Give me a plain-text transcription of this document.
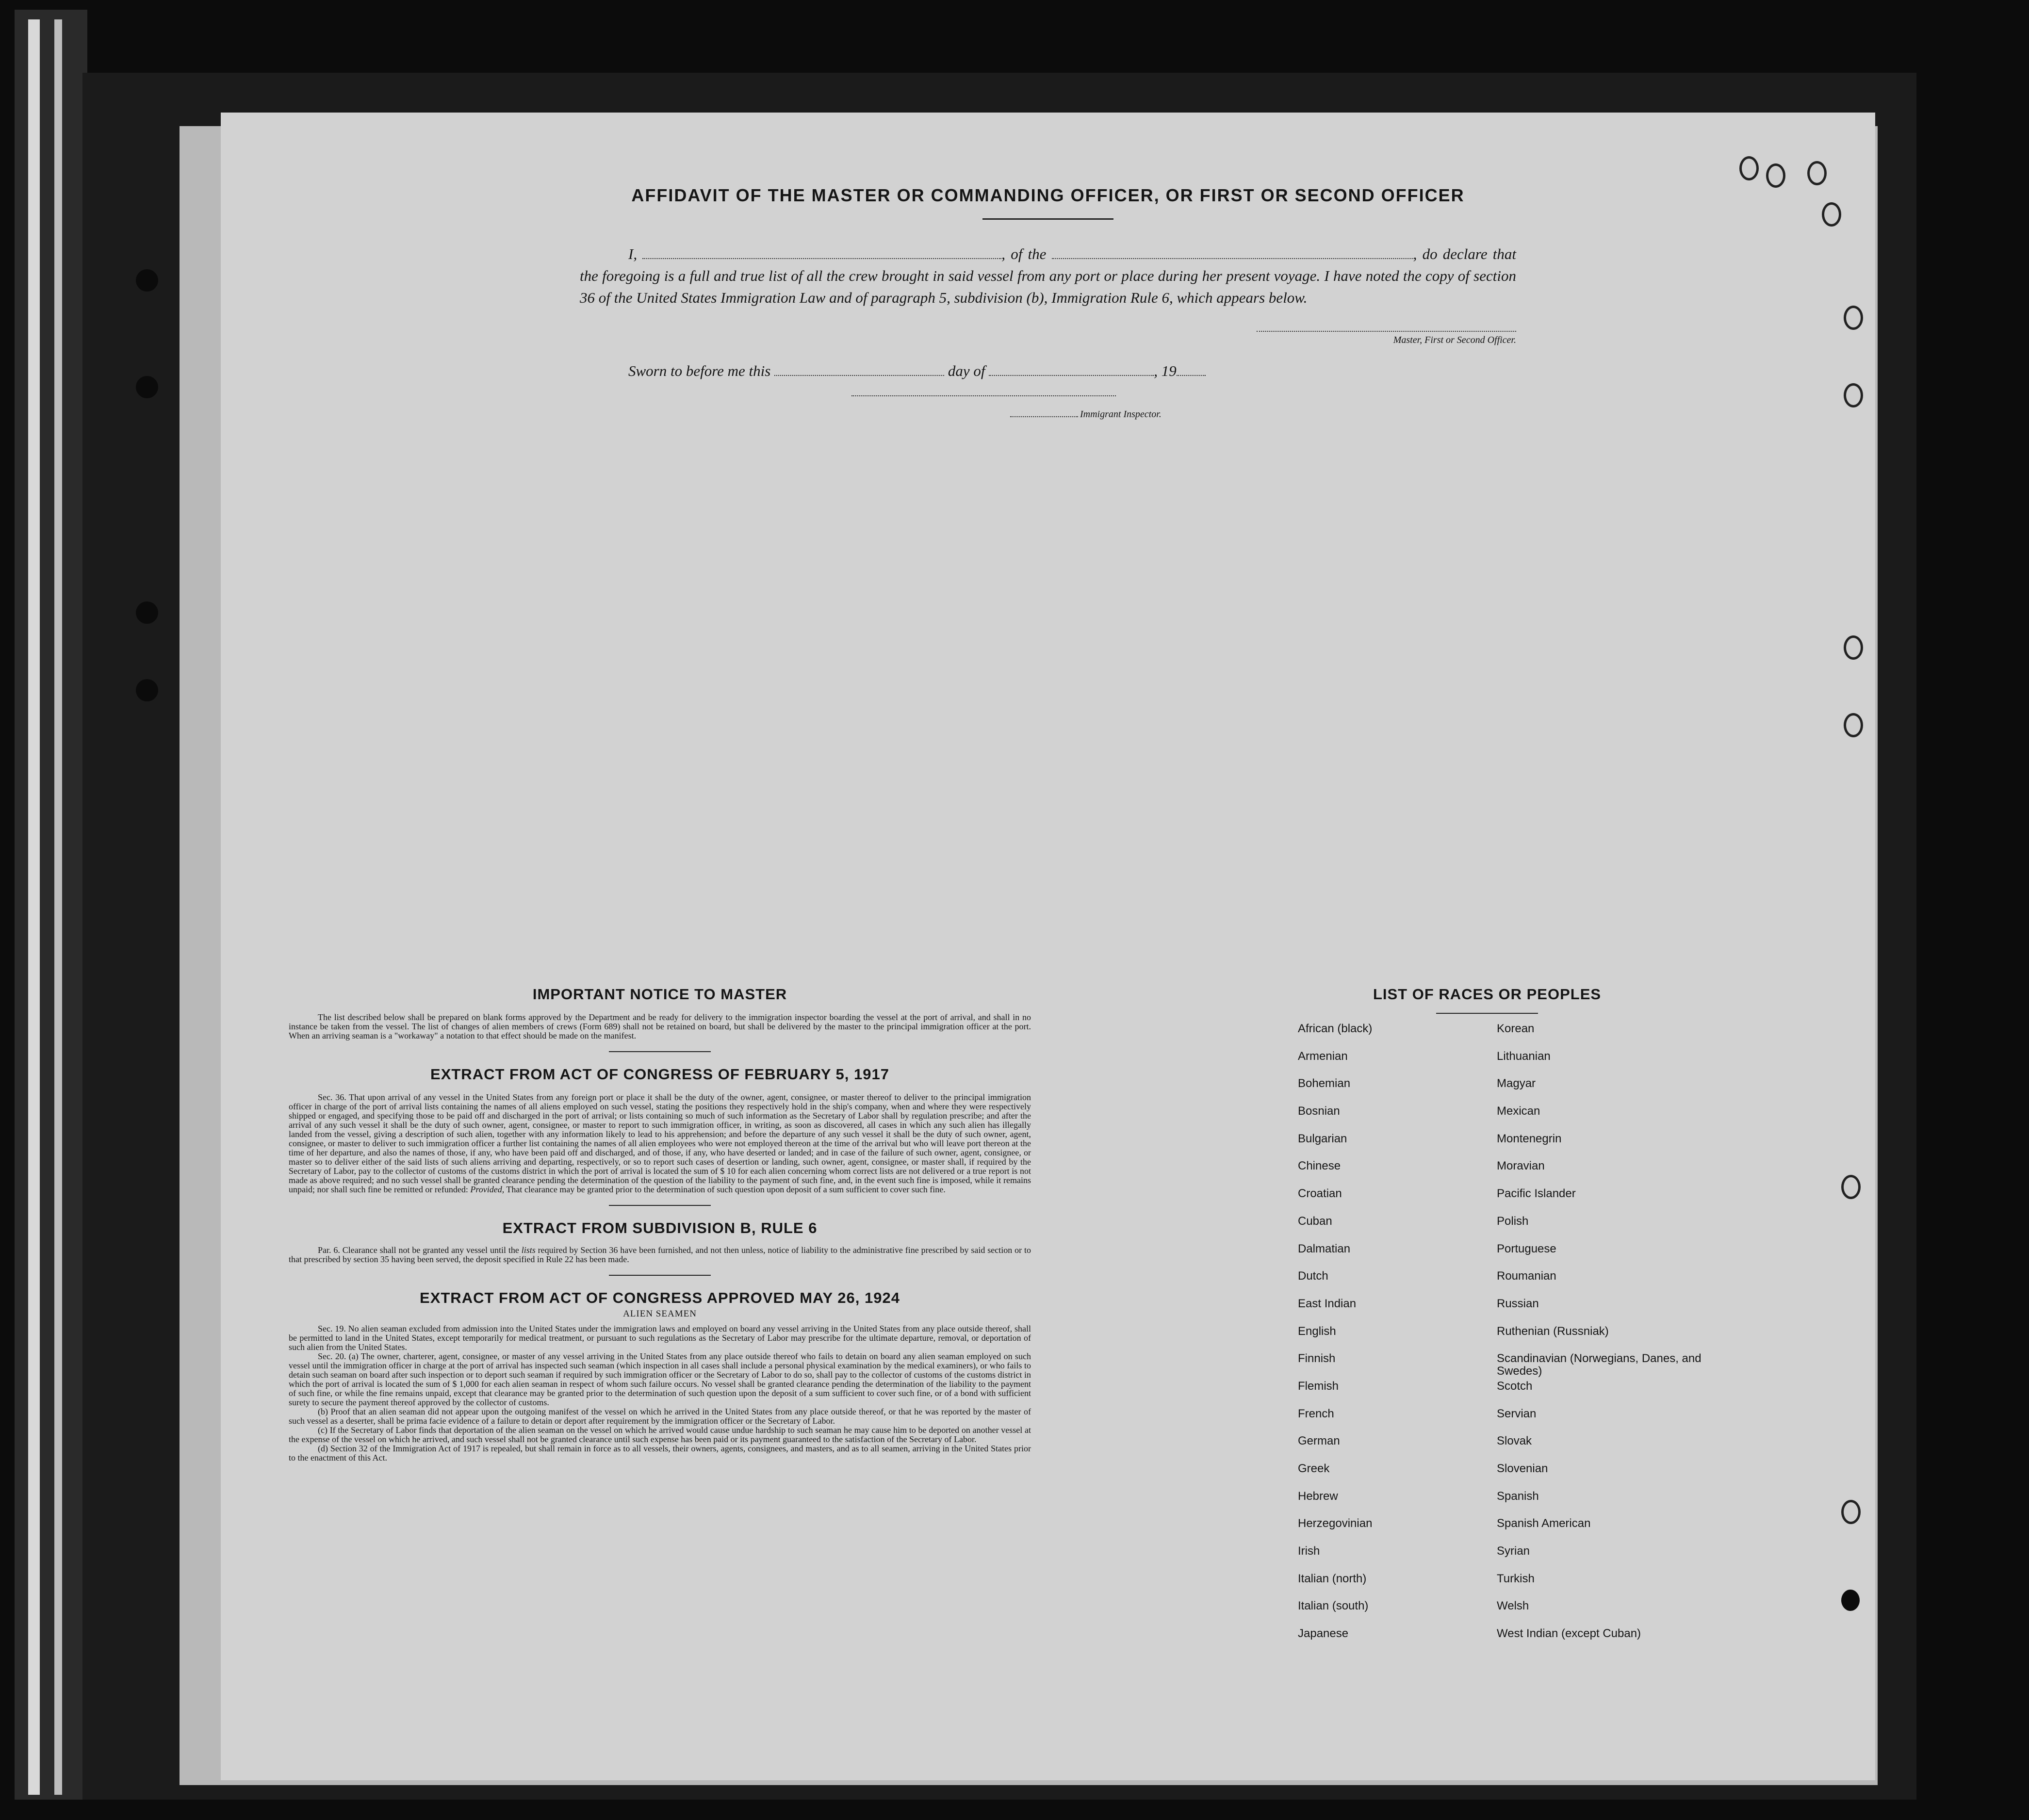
AFFIDAVIT OF THE MASTER OR COMMANDING OFFICER, OR FIRST OR SECOND OFFICER
I,	, of the	, do declare that the foregoing is a full and true list of all the crew brought in said vessel from any port or place during her present voyage. I have noted the copy of section 36 of the United States Immigration Law and of paragraph 5, subdivision (b), Immigration Rule 6, which appears below.
Master, First or Second Officer.
Sworn to before me this	day of	, 19
Immigrant Inspector.
IMPORTANT NOTICE TO MASTER

The list described below shall be prepared on blank forms approved by the Department and be ready for delivery to the immigration inspector boarding the vessel at the port of arrival, and shall in no instance be taken from the vessel. The list of changes of alien members of crews (Form 689) shall not be retained on board, but shall be delivered by the master to the principal immigration officer at the port. When an arriving seaman is a "workaway" a notation to that effect should be made on the manifest.

EXTRACT FROM ACT OF CONGRESS OF FEBRUARY 5, 1917

Sec. 36. That upon arrival of any vessel in the United States from any foreign port or place it shall be the duty of the owner, agent, consignee, or master thereof to deliver to the principal immigration officer in charge of the port of arrival lists containing the names of all aliens employed on such vessel, stating the positions they respectively hold in the ship's company, when and where they were respectively shipped or engaged, and specifying those to be paid off and discharged in the port of arrival; or lists containing so much of such information as the Secretary of Labor shall by regulation prescribe; and after the arrival of any such vessel it shall be the duty of such owner, agent, consignee, or master to report to such immigration officer, in writing, as soon as discovered, all cases in which any such alien has illegally landed from the vessel, giving a description of such alien, together with any information likely to lead to his apprehension; and before the departure of any such vessel it shall be the duty of such owner, agent, consignee, or master to deliver to such immigration officer a further list containing the names of all alien employees who were not employed thereon at the time of the arrival but who will leave port thereon at the time of her departure, and also the names of those, if any, who have been paid off and discharged, and of those, if any, who have deserted or landed; and in case of the failure of such owner, agent, consignee, or master so to deliver either of the said lists of such aliens arriving and departing, respectively, or so to report such cases of desertion or landing, such owner, agent, consignee, or master shall, if required by the Secretary of Labor, pay to the collector of customs of the customs district in which the port of arrival is located the sum of $ 10 for each alien concerning whom correct lists are not delivered or a true report is not made as above required; and no such vessel shall be granted clearance pending the determination of the question of the liability to the payment of such fine, and, in the event such fine is imposed, while it remains unpaid; nor shall such fine be remitted or refunded: Provided, That clearance may be granted prior to the determination of such question upon deposit of a sum sufficient to cover such fine.

EXTRACT FROM SUBDIVISION B, RULE 6

Par. 6. Clearance shall not be granted any vessel until the lists required by Section 36 have been furnished, and not then unless, notice of liability to the administrative fine prescribed by said section or to that prescribed by section 35 having been served, the deposit specified in Rule 22 has been made.

EXTRACT FROM ACT OF CONGRESS APPROVED MAY 26, 1924
ALIEN SEAMEN

Sec. 19. No alien seaman excluded from admission into the United States under the immigration laws and employed on board any vessel arriving in the United States from any place outside thereof, shall be permitted to land in the United States, except temporarily for medical treatment, or pursuant to such regulations as the Secretary of Labor may prescribe for the ultimate departure, removal, or deportation of such alien from the United States.

Sec. 20. (a) The owner, charterer, agent, consignee, or master of any vessel arriving in the United States from any place outside thereof who fails to detain on board any alien seaman employed on such vessel until the immigration officer in charge at the port of arrival has inspected such seaman (which inspection in all cases shall include a personal physical examination by the medical examiners), or who fails to detain such seaman on board after such inspection or to deport such seaman if required by such immigration officer or the Secretary of Labor to do so, shall pay to the collector of customs of the customs district in which the port of arrival is located the sum of $ 1,000 for each alien seaman in respect of whom such failure occurs. No vessel shall be granted clearance pending the determination of the liability to the payment of such fine, or while the fine remains unpaid, except that clearance may be granted prior to the determination of such question upon the deposit of a sum sufficient to cover such fine, or of a bond with sufficient surety to secure the payment thereof approved by the collector of customs.

(b) Proof that an alien seaman did not appear upon the outgoing manifest of the vessel on which he arrived in the United States from any place outside thereof, or that he was reported by the master of such vessel as a deserter, shall be prima facie evidence of a failure to detain or deport after requirement by the immigration officer or the Secretary of Labor.

(c) If the Secretary of Labor finds that deportation of the alien seaman on the vessel on which he arrived would cause undue hardship to such seaman he may cause him to be deported on another vessel at the expense of the vessel on which he arrived, and such vessel shall not be granted clearance until such expense has been paid or its payment guaranteed to the satisfaction of the Secretary of Labor.

(d) Section 32 of the Immigration Act of 1917 is repealed, but shall remain in force as to all vessels, their owners, agents, consignees, and masters, and as to all seamen, arriving in the United States prior to the enactment of this Act.

LIST OF RACES OR PEOPLES
African (black)	Korean
Armenian	Lithuanian
Bohemian	Magyar
Bosnian	Mexican
Bulgarian	Montenegrin
Chinese	Moravian
Croatian	Pacific Islander
Cuban	Polish
Dalmatian	Portuguese
Dutch	Roumanian
East Indian	Russian
English	Ruthenian (Russniak)
Finnish	Scandinavian (Norwegians, Danes, and Swedes)
Flemish	Scotch
French	Servian
German	Slovak
Greek	Slovenian
Hebrew	Spanish
Herzegovinian	Spanish American
Irish	Syrian
Italian (north)	Turkish
Italian (south)	Welsh
Japanese	West Indian (except Cuban)
